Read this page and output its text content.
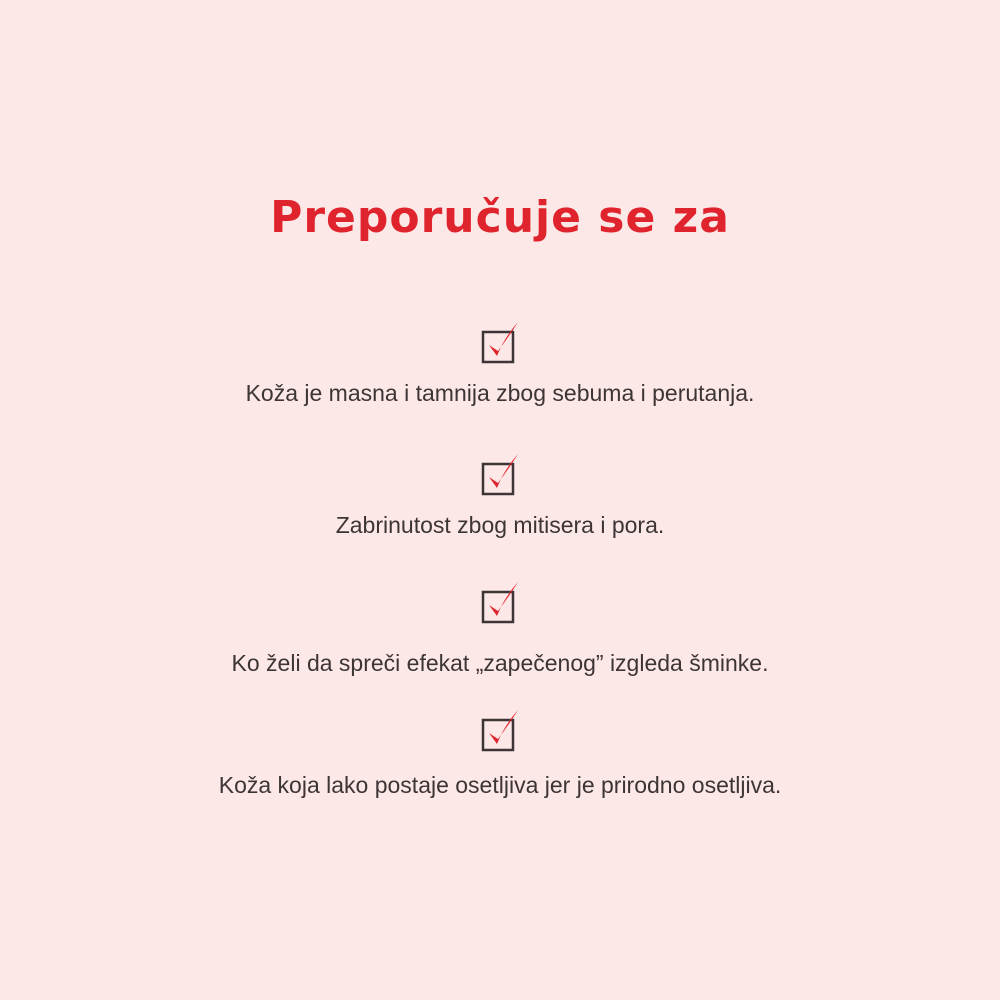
Preporučuje se za
Koža je masna i tamnija zbog sebuma i perutanja.
Zabrinutost zbog mitisera i pora.
Ko želi da spreči efekat „zapečenog” izgleda šminke.
Koža koja lako postaje osetljiva jer je prirodno osetljiva.
